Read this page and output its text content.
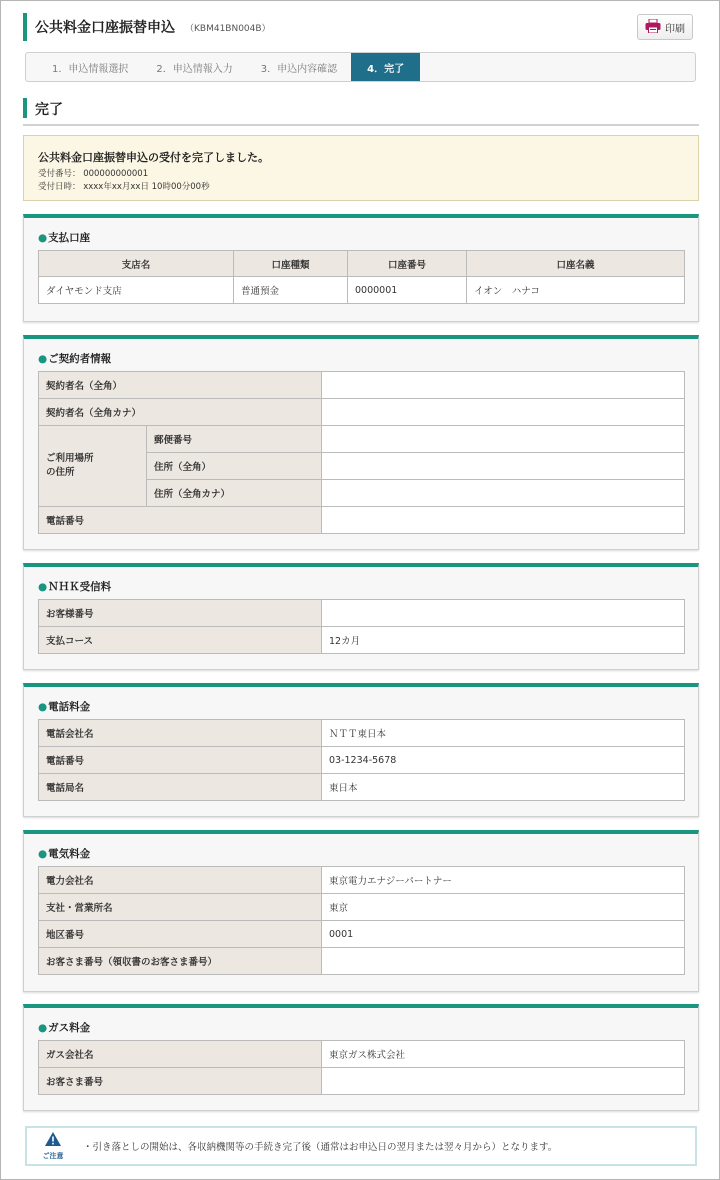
公共料金口座振替申込 （KBM41BN004B）	印刷
1．申込情報選択	2．申込情報入力	3．申込内容確認	4．完了
完了
公共料金口座振替申込の受付を完了しました。
受付番号： 000000000001
受付日時： xxxx年xx月xx日 10時00分00秒
●支払口座
支店名	口座種類	口座番号	口座名義
ダイヤモンド支店	普通預金	0000001	イオン　ハナコ
●ご契約者情報
契約者名（全角）		
契約者名（全角カナ）		
ご利用場所
の住所	郵便番号	
	住所（全角）	
	住所（全角カナ）	
電話番号		
●ＮＨＫ受信料
お客様番号	
支払コース	12カ月
●電話料金
電話会社名	ＮＴＴ東日本
電話番号	03-1234-5678
電話局名	東日本
●電気料金
電力会社名	東京電力エナジーパートナー
支社・営業所名	東京
地区番号	0001
お客さま番号（領収書のお客さま番号）	
●ガス料金
ガス会社名	東京ガス株式会社
お客さま番号	
ご注意
・引き落としの開始は、各収納機関等の手続き完了後（通常はお申込日の翌月または翌々月から）となります。
